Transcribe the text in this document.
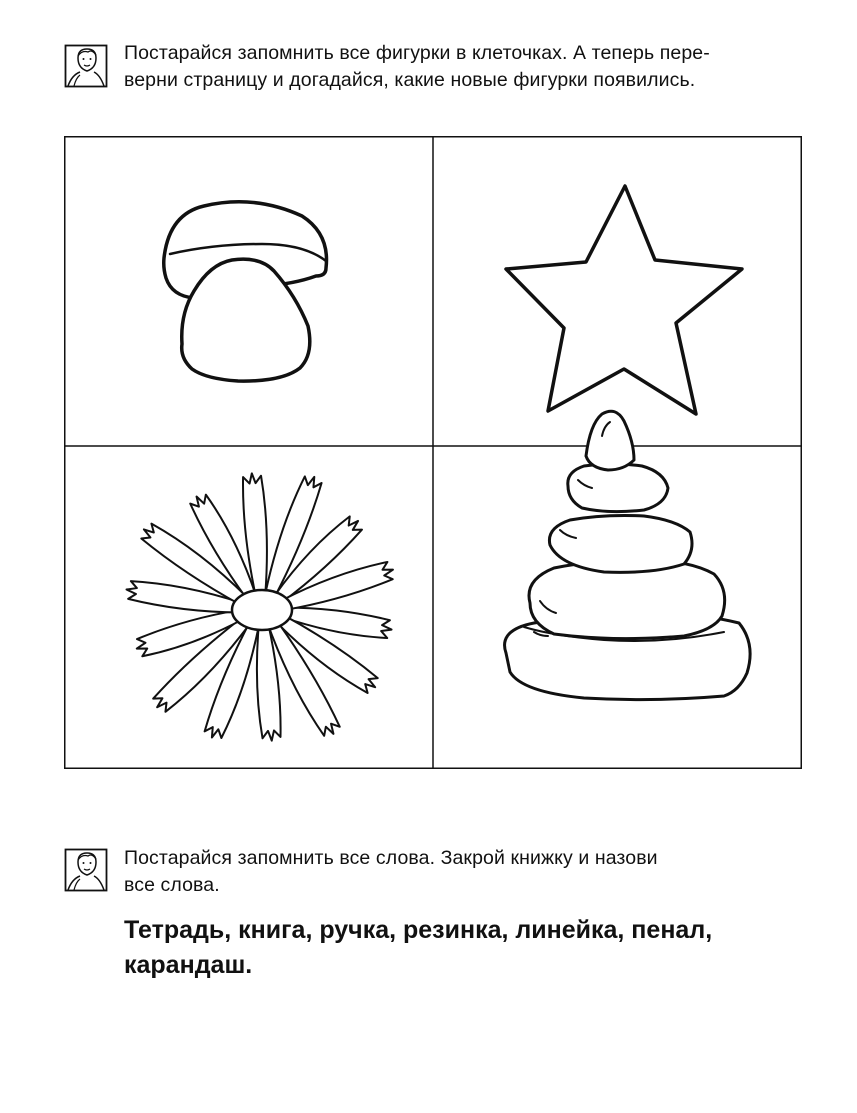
Постарайся запомнить все фигурки в клеточках. А теперь пере-
верни страницу и догадайся, какие новые фигурки появились.
Постарайся запомнить все слова. Закрой книжку и назови
все слова.
Тетрадь, книга, ручка, резинка, линейка, пенал,
карандаш.
